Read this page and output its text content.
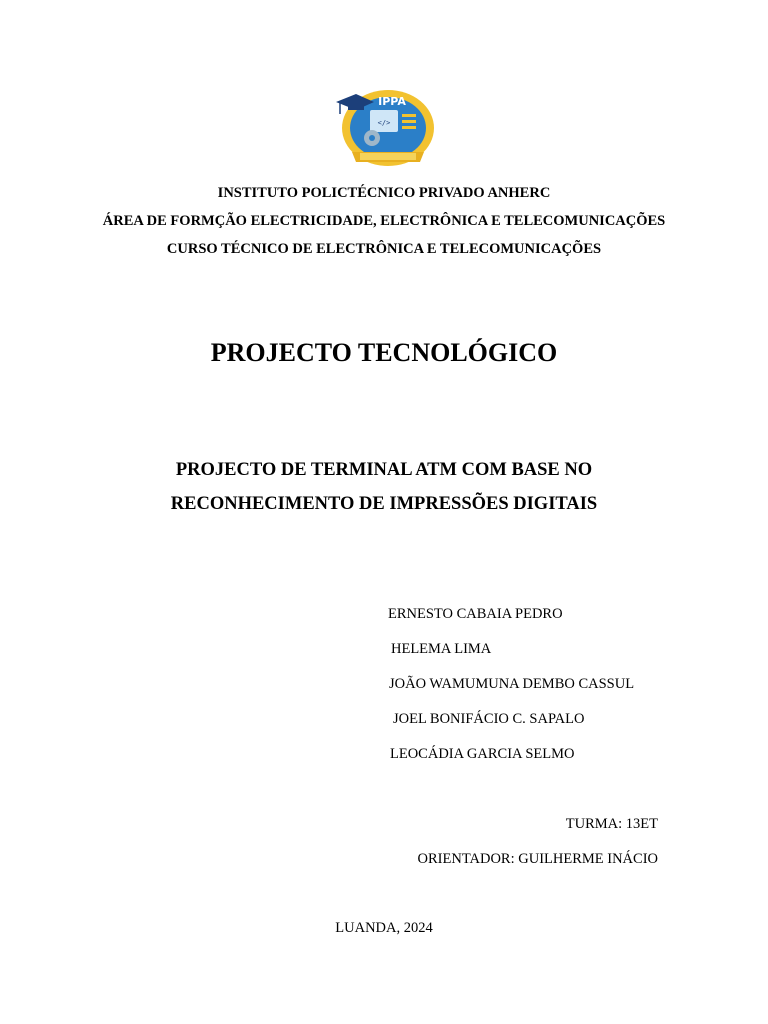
</>
IPPA
INSTITUTO POLICTÉCNICO PRIVADO ANHERC
ÁREA DE FORMÇÃO ELECTRICIDADE, ELECTRÔNICA E TELECOMUNICAÇÕES
CURSO TÉCNICO DE ELECTRÔNICA E TELECOMUNICAÇÕES
PROJECTO TECNOLÓGICO
PROJECTO DE TERMINAL ATM COM BASE NO
RECONHECIMENTO DE IMPRESSÕES DIGITAIS
ERNESTO CABAIA PEDRO
HELEMA LIMA
JOÃO WAMUMUNA DEMBO CASSUL
JOEL BONIFÁCIO C. SAPALO
LEOCÁDIA GARCIA SELMO
TURMA: 13ET
ORIENTADOR: GUILHERME INÁCIO
LUANDA, 2024
